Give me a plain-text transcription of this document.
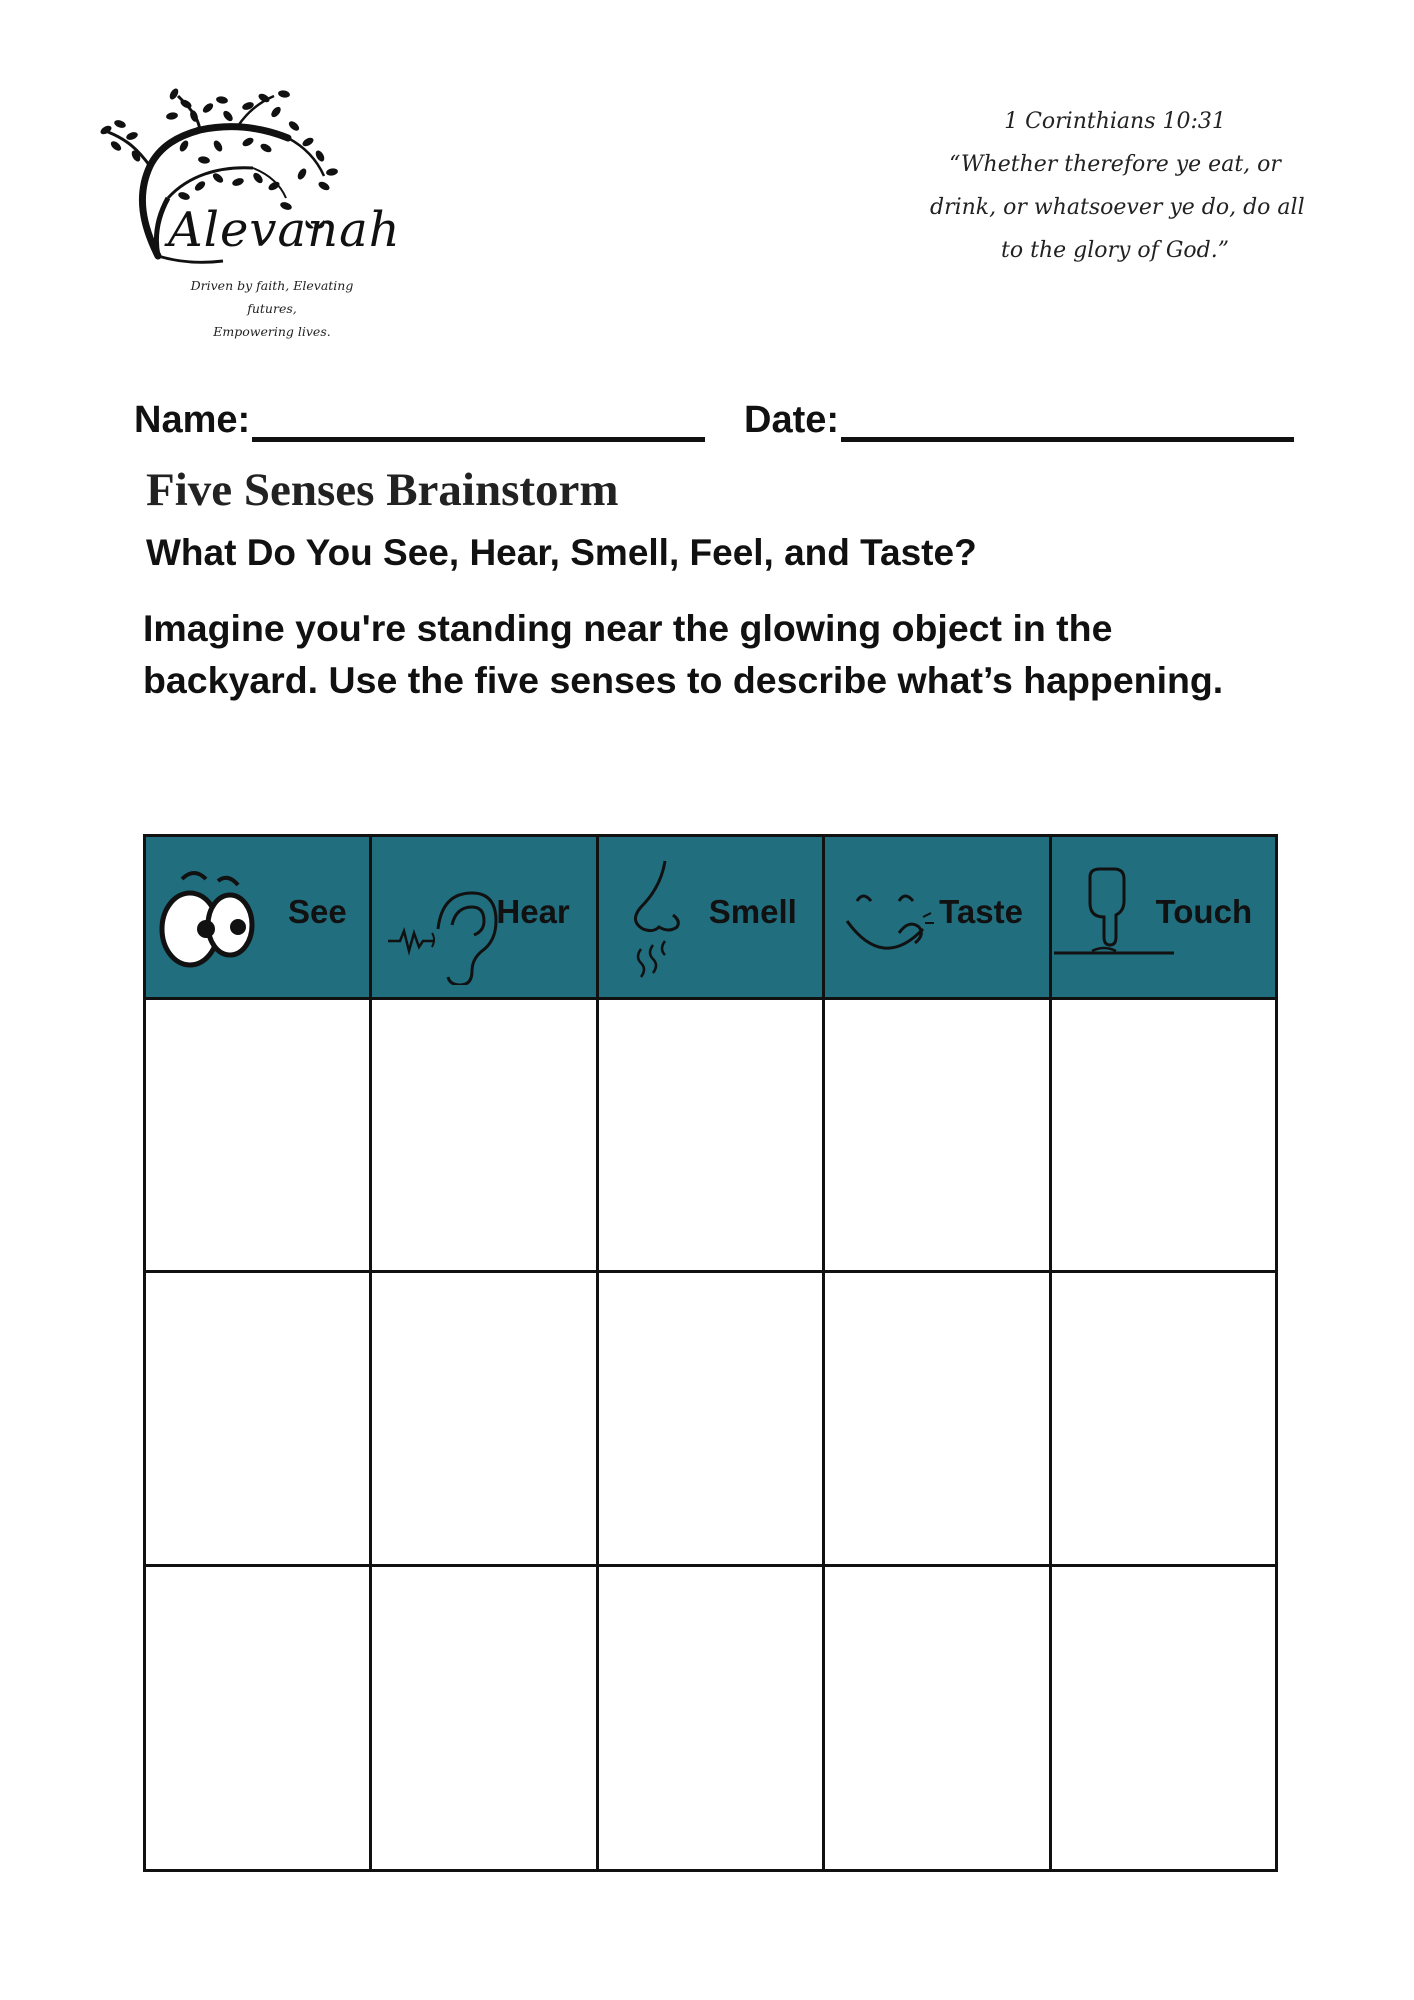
Alevanah
Driven by faith, Elevating futures,
Empowering lives.
1 Corinthians 10:31
“Whether therefore ye eat, or
drink, or whatsoever ye do, do all
to the glory of God.”
Name:	Date:
Five Senses Brainstorm
What Do You See, Hear, Smell, Feel, and Taste?
Imagine you're standing near the glowing object in the
backyard. Use the five senses to describe what’s happening.
See	Hear	Smell	Taste	Touch
